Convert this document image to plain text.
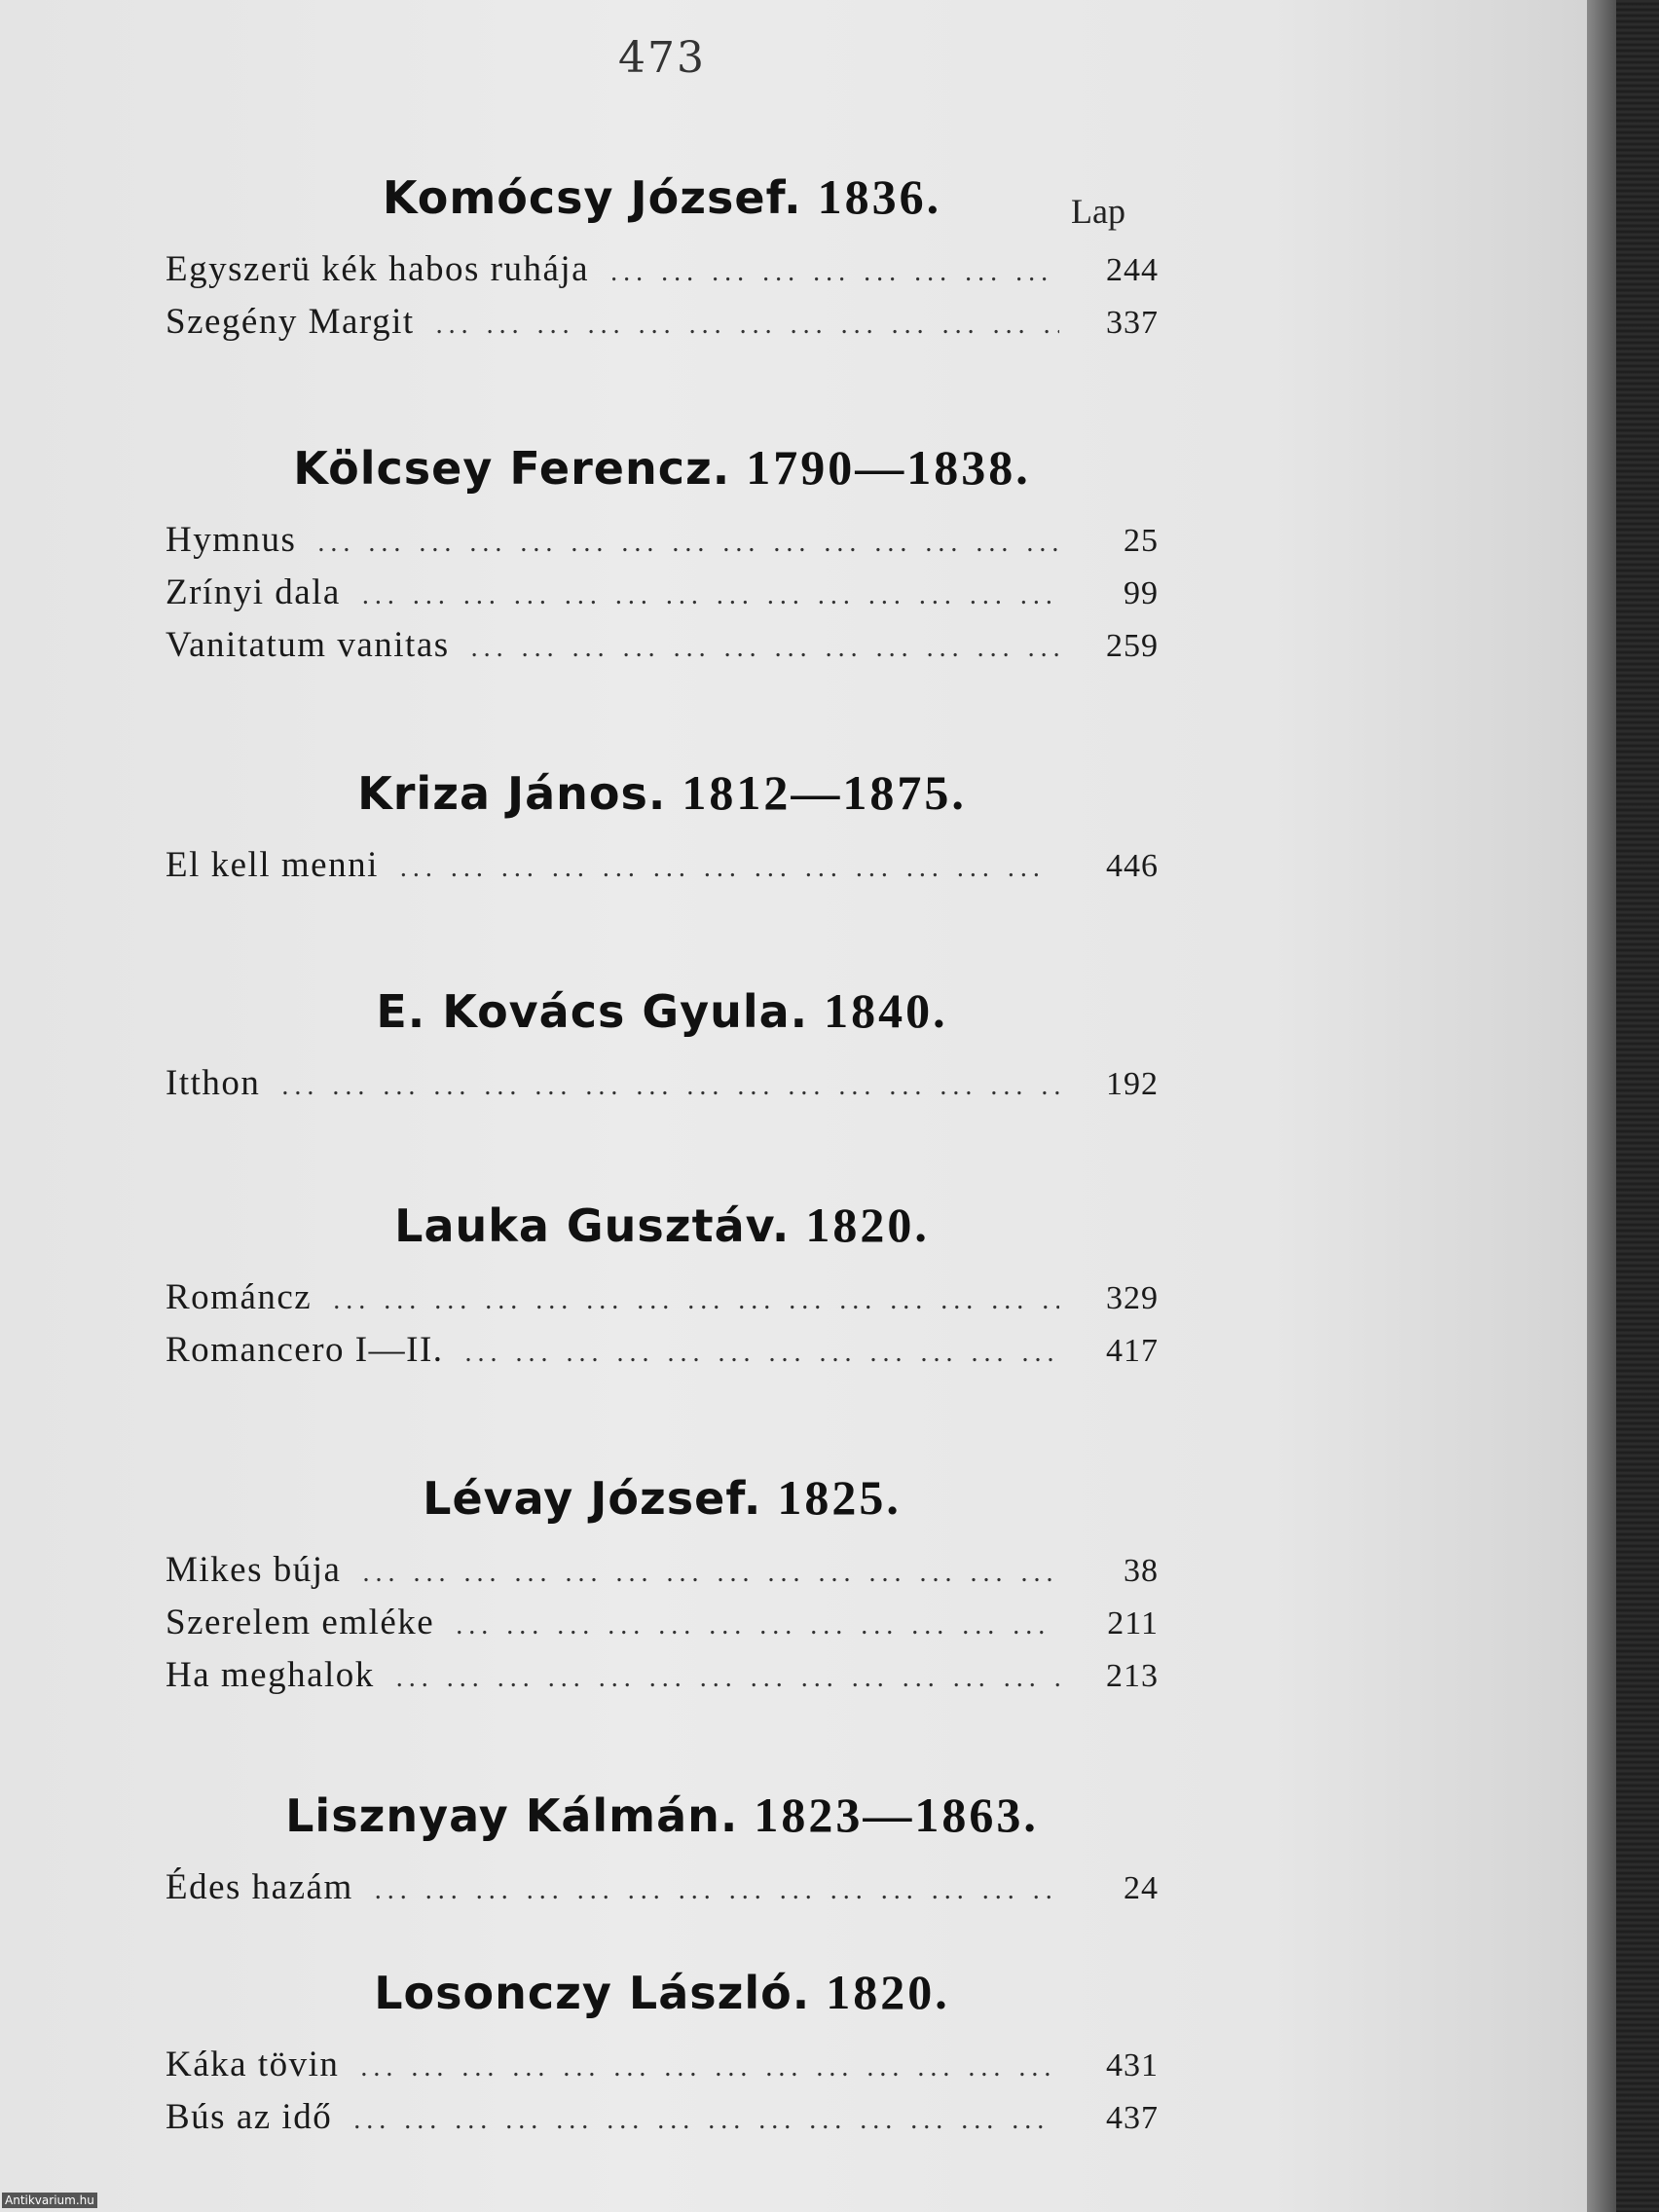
473
Lap
Komócsy József. 1836.
Egyszerü kék habos ruhája ... .	244
Szegény Margit ... .	337
Kölcsey Ferencz. 1790—1838.
Hymnus ... .	25
Zrínyi dala ... .	99
Vanitatum vanitas ... .	259
Kriza János. 1812—1875.
El kell menni ... .	446
E. Kovács Gyula. 1840.
Itthon ... .	192
Lauka Gusztáv. 1820.
Románcz ... .	329
Romancero I—II. ... .	417
Lévay József. 1825.
Mikes búja ... .	38
Szerelem emléke ... .	211
Ha meghalok ... .	213
Lisznyay Kálmán. 1823—1863.
Édes hazám ... .	24
Losonczy László. 1820.
Káka tövin ... .	431
Bús az idő ... .	437
Antikvarium.hu
